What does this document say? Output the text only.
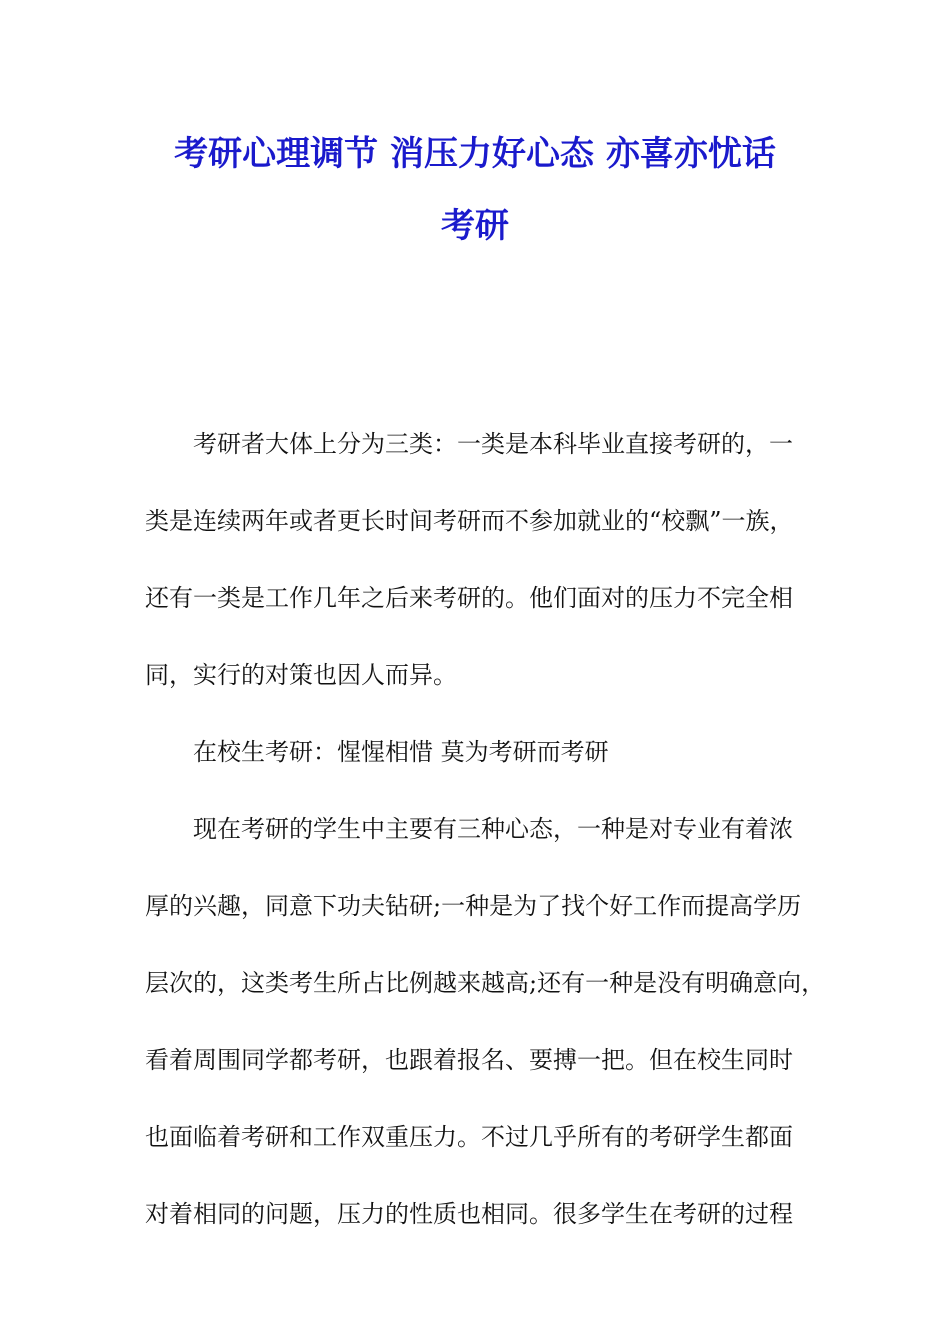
考研心理调节 消压力好心态 亦喜亦忧话
考研
考研者大体上分为三类：一类是本科毕业直接考研的，一
类是连续两年或者更长时间考研而不参加就业的“校飘”一族，
还有一类是工作几年之后来考研的。他们面对的压力不完全相
同，实行的对策也因人而异。
在校生考研：惺惺相惜 莫为考研而考研
现在考研的学生中主要有三种心态，一种是对专业有着浓
厚的兴趣，同意下功夫钻研;一种是为了找个好工作而提高学历
层次的，这类考生所占比例越来越高;还有一种是没有明确意向，
看着周围同学都考研，也跟着报名、要搏一把。但在校生同时
也面临着考研和工作双重压力。不过几乎所有的考研学生都面
对着相同的问题，压力的性质也相同。很多学生在考研的过程
